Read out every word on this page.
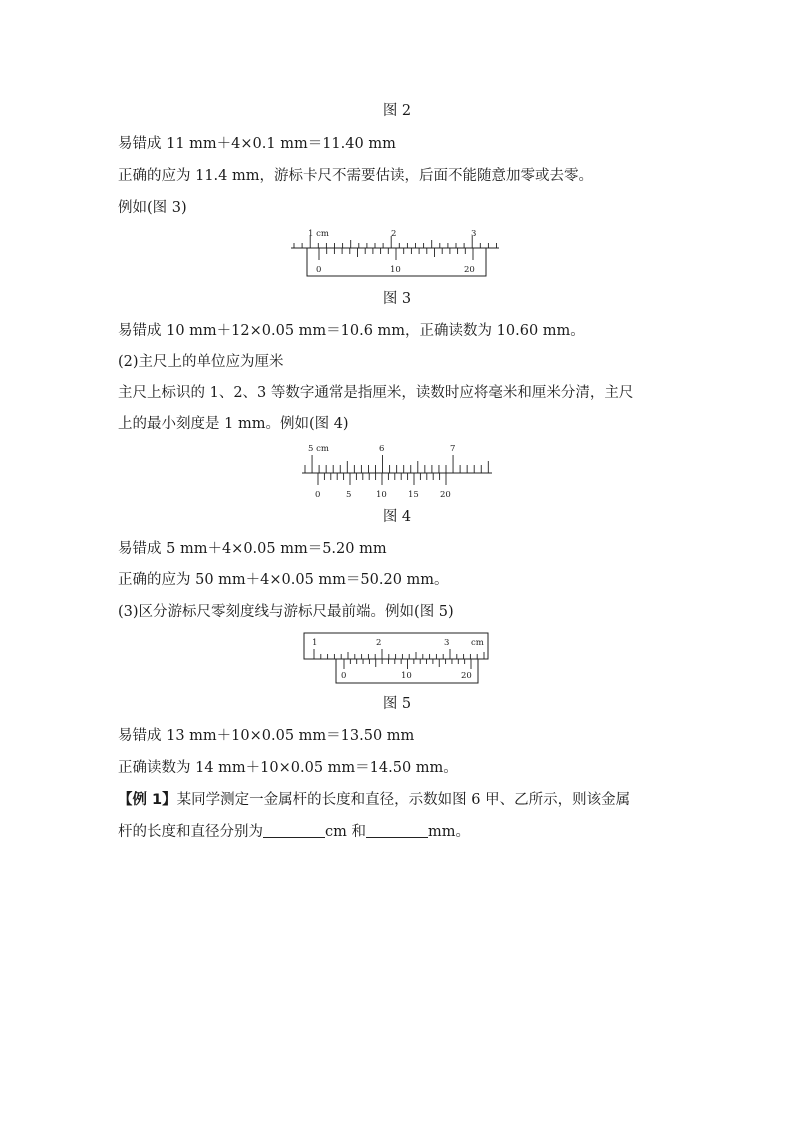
图 2
易错成 11 mm＋4×0.1 mm＝11.40 mm
正确的应为 11.4 mm，游标卡尺不需要估读，后面不能随意加零或去零。
例如(图 3)
1 cm	2	3
0	10	20
图 3
易错成 10 mm＋12×0.05 mm＝10.6 mm，正确读数为 10.60 mm。
(2)主尺上的单位应为厘米
主尺上标识的 1、2、3 等数字通常是指厘米，读数时应将毫米和厘米分清，主尺
上的最小刻度是 1 mm。例如(图 4)
5 cm	6	7
0	5	10 15 20
图 4
易错成 5 mm＋4×0.05 mm＝5.20 mm
正确的应为 50 mm＋4×0.05 mm＝50.20 mm。
(3)区分游标尺零刻度线与游标尺最前端。例如(图 5)
1	2	3	cm
0	10	20
图 5
易错成 13 mm＋10×0.05 mm＝13.50 mm
正确读数为 14 mm＋10×0.05 mm＝14.50 mm。
【例 1】某同学测定一金属杆的长度和直径，示数如图 6 甲、乙所示，则该金属
杆的长度和直径分别为	cm 和	mm。
